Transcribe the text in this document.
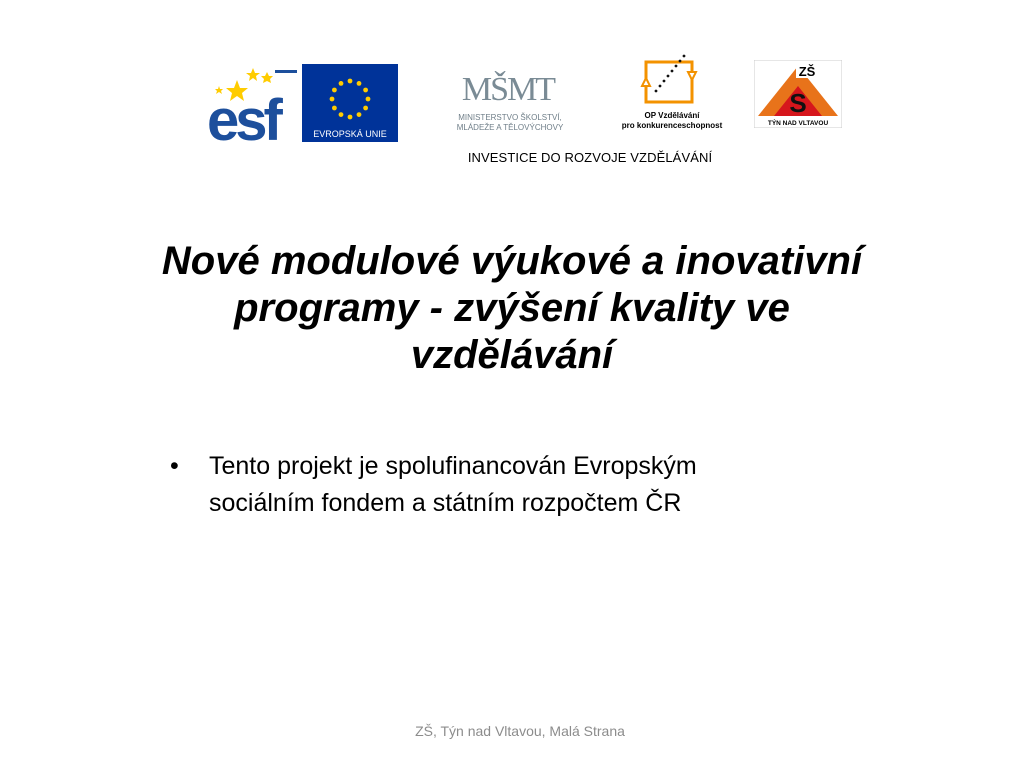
esf	EVROPSKÁ UNIE
MŠMT
MINISTERSTVO ŠKOLSTVÍ,
MLÁDEŽE A TĚLOVÝCHOVY
OP Vzdělávání
pro konkurenceschopnost
ZŠ
S
TÝN NAD VLTAVOU
INVESTICE DO ROZVOJE VZDĚLÁVÁNÍ
Nové modulové výukové a inovativní
programy - zvýšení kvality ve
vzdělávání
• Tento projekt je spolufinancován Evropským
sociálním fondem a státním rozpočtem ČR
ZŠ, Týn nad Vltavou, Malá Strana
